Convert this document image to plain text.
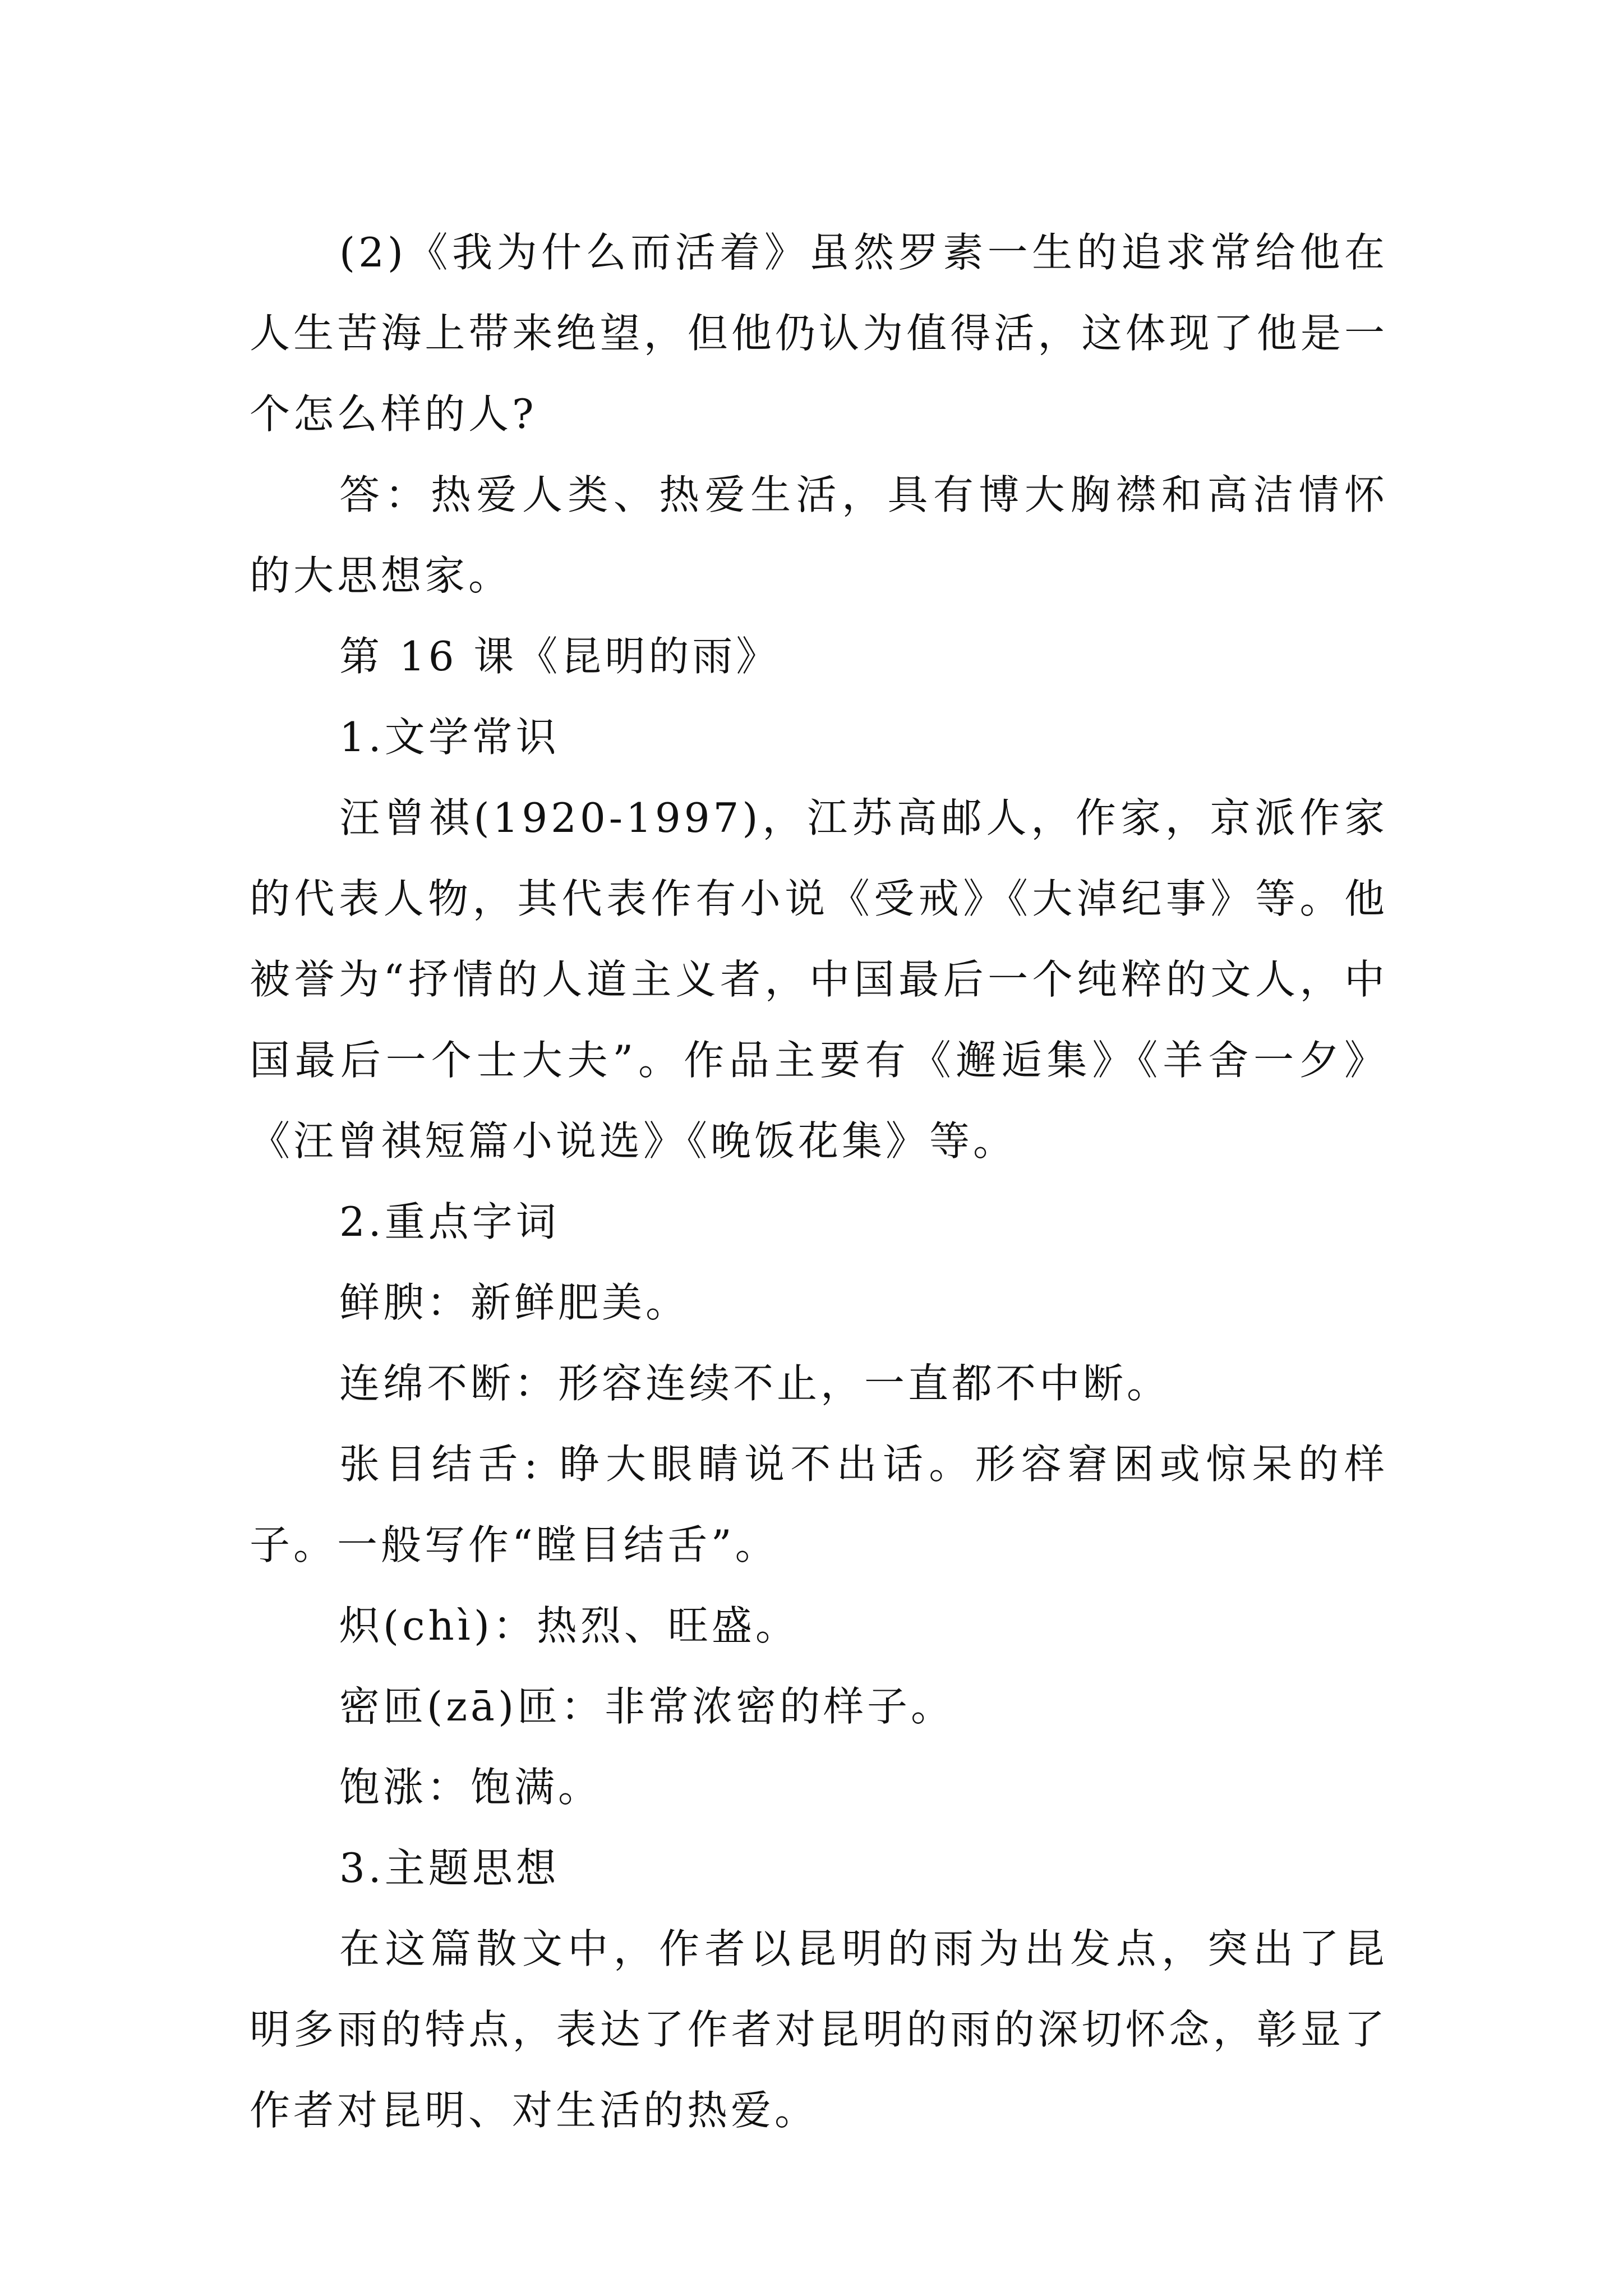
(2)《我为什么而活着》虽然罗素一生的追求常给他在人生苦海上带来绝望，但他仍认为值得活，这体现了他是一个怎么样的人?

答：热爱人类、热爱生活，具有博大胸襟和高洁情怀的大思想家。

第 16 课《昆明的雨》

1.文学常识

汪曾祺(1920-1997)，江苏高邮人，作家，京派作家的代表人物，其代表作有小说《受戒》《大淖纪事》等。他被誉为“抒情的人道主义者，中国最后一个纯粹的文人，中国最后一个士大夫”。作品主要有《邂逅集》《羊舍一夕》《汪曾祺短篇小说选》《晚饭花集》等。

2.重点字词

鲜腴：新鲜肥美。

连绵不断：形容连续不止，一直都不中断。

张目结舌: 睁大眼睛说不出话。形容窘困或惊呆的样子。一般写作“瞠目结舌”。

炽(chì)：热烈、旺盛。

密匝(zā)匝：非常浓密的样子。

饱涨：饱满。

3.主题思想

在这篇散文中，作者以昆明的雨为出发点，突出了昆明多雨的特点，表达了作者对昆明的雨的深切怀念，彰显了作者对昆明、对生活的热爱。
